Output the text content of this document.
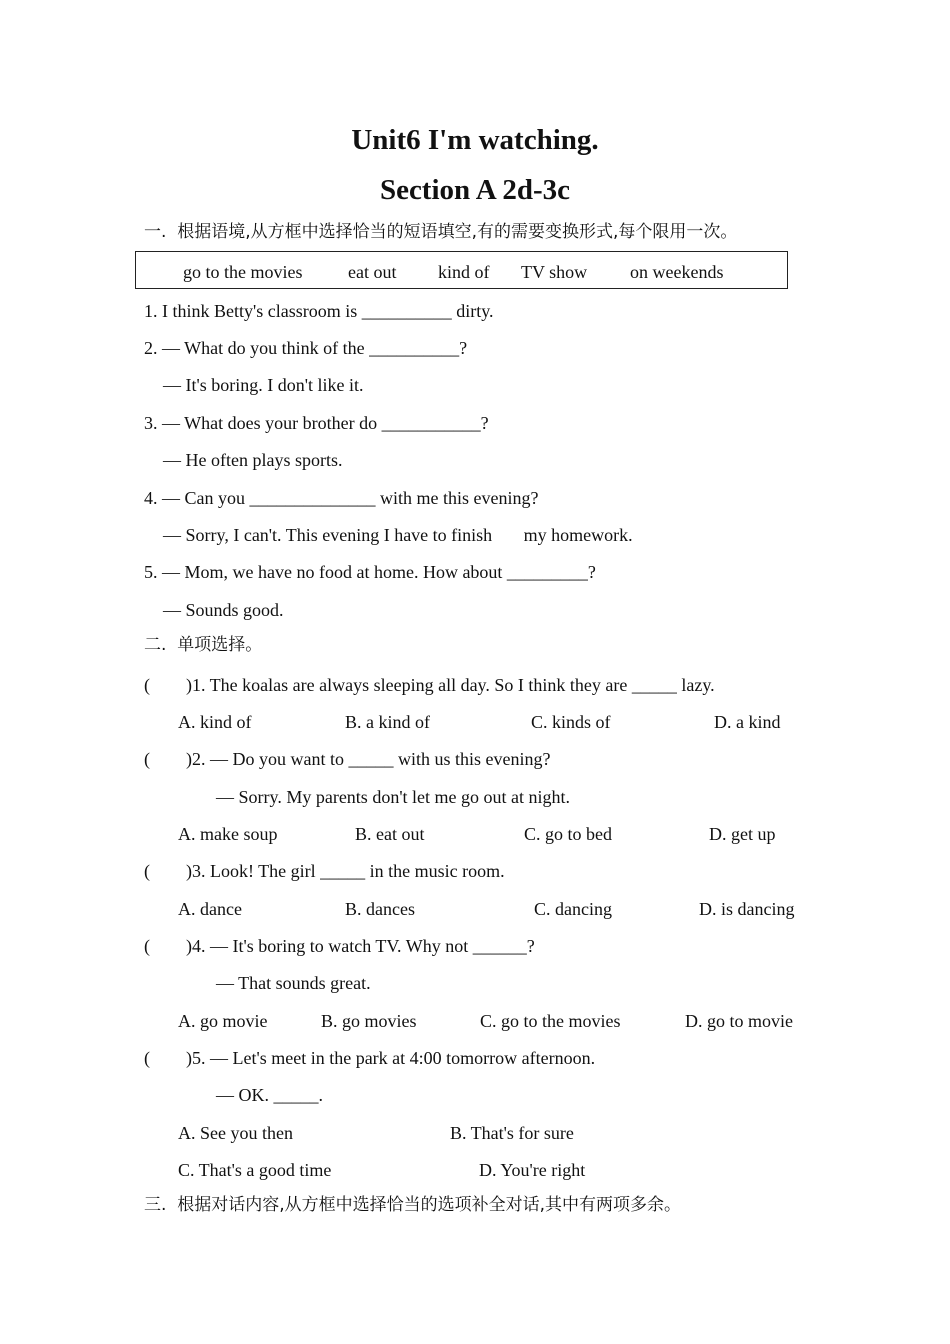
Unit6 I'm watching.
Section A 2d-3c
一.  根据语境,从方框中选择恰当的短语填空,有的需要变换形式,每个限用一次。
go to the movies	eat out kind of TV show on weekends
1. I think Betty's classroom is __________ dirty.
2. — What do you think of the __________?
— It's boring. I don't like it.
3. — What does your brother do ___________?
— He often plays sports.
4. — Can you ______________ with me this evening?
— Sorry, I can't. This evening I have to finish       my homework.
5. — Mom, we have no food at home. How about _________?
— Sounds good.
二.  单项选择。
(        )1. The koalas are always sleeping all day. So I think they are _____ lazy.
A. kind of	B. a kind of	C. kinds of	D. a kind
(        )2. — Do you want to _____ with us this evening?
— Sorry. My parents don't let me go out at night.
A. make soup	B. eat out	C. go to bed	D. get up
(        )3. Look! The girl _____ in the music room.
A. dance	B. dances	C. dancing	D. is dancing
(        )4. — It's boring to watch TV. Why not ______?
— That sounds great.
A. go movie	B. go movies	C. go to the movies	D. go to movie
(        )5. — Let's meet in the park at 4:00 tomorrow afternoon.
— OK. _____.
A. See you then	B. That's for sure
C. That's a good time	D. You're right
三.  根据对话内容,从方框中选择恰当的选项补全对话,其中有两项多余。
